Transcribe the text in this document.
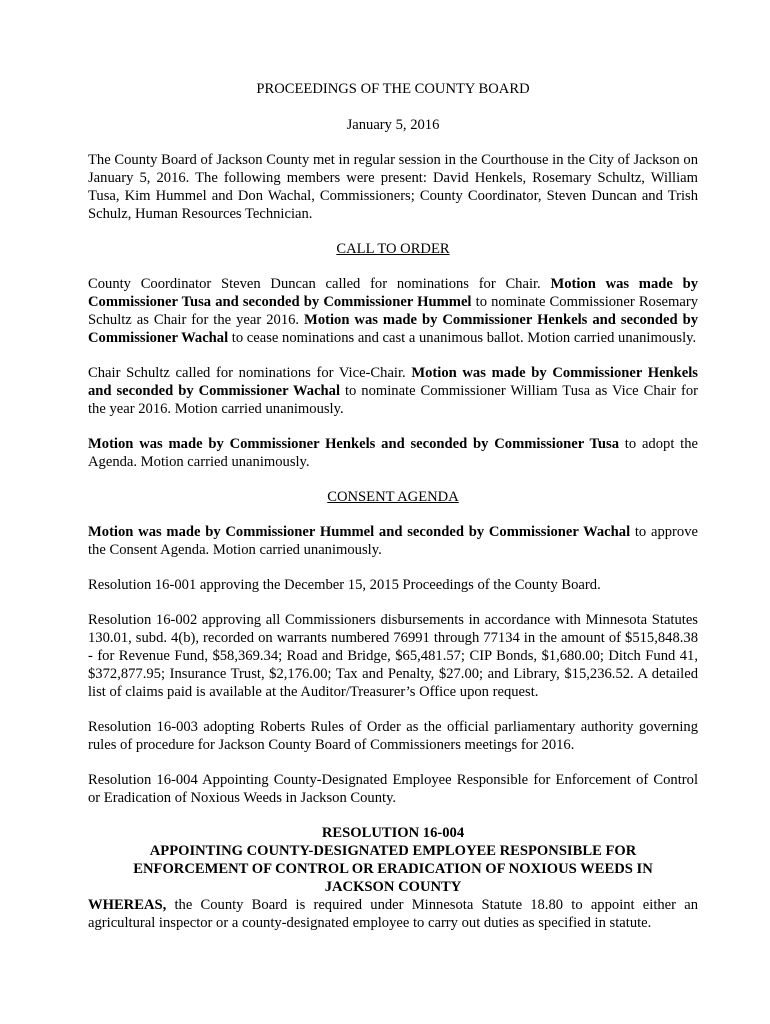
PROCEEDINGS OF THE COUNTY BOARD

January 5, 2016

The County Board of Jackson County met in regular session in the Courthouse in the City of Jackson on January 5, 2016. The following members were present: David Henkels, Rosemary Schultz, William Tusa, Kim Hummel and Don Wachal, Commissioners; County Coordinator, Steven Duncan and Trish Schulz, Human Resources Technician.

CALL TO ORDER

County Coordinator Steven Duncan called for nominations for Chair. Motion was made by Commissioner Tusa and seconded by Commissioner Hummel to nominate Commissioner Rosemary Schultz as Chair for the year 2016. Motion was made by Commissioner Henkels and seconded by Commissioner Wachal to cease nominations and cast a unanimous ballot. Motion carried unanimously.

Chair Schultz called for nominations for Vice-Chair. Motion was made by Commissioner Henkels and seconded by Commissioner Wachal to nominate Commissioner William Tusa as Vice Chair for the year 2016. Motion carried unanimously.

Motion was made by Commissioner Henkels and seconded by Commissioner Tusa to adopt the Agenda. Motion carried unanimously.

CONSENT AGENDA

Motion was made by Commissioner Hummel and seconded by Commissioner Wachal to approve the Consent Agenda. Motion carried unanimously.

Resolution 16-001 approving the December 15, 2015 Proceedings of the County Board.

Resolution 16-002 approving all Commissioners disbursements in accordance with Minnesota Statutes 130.01, subd. 4(b), recorded on warrants numbered 76991 through 77134 in the amount of $515,848.38 - for Revenue Fund, $58,369.34; Road and Bridge, $65,481.57; CIP Bonds, $1,680.00; Ditch Fund 41, $372,877.95; Insurance Trust, $2,176.00; Tax and Penalty, $27.00; and Library, $15,236.52. A detailed list of claims paid is available at the Auditor/Treasurer’s Office upon request.

Resolution 16-003 adopting Roberts Rules of Order as the official parliamentary authority governing rules of procedure for Jackson County Board of Commissioners meetings for 2016.

Resolution 16-004 Appointing County-Designated Employee Responsible for Enforcement of Control or Eradication of Noxious Weeds in Jackson County.

RESOLUTION 16-004
APPOINTING COUNTY-DESIGNATED EMPLOYEE RESPONSIBLE FOR
ENFORCEMENT OF CONTROL OR ERADICATION OF NOXIOUS WEEDS IN
JACKSON COUNTY

WHEREAS, the County Board is required under Minnesota Statute 18.80 to appoint either an agricultural inspector or a county-designated employee to carry out duties as specified in statute.
